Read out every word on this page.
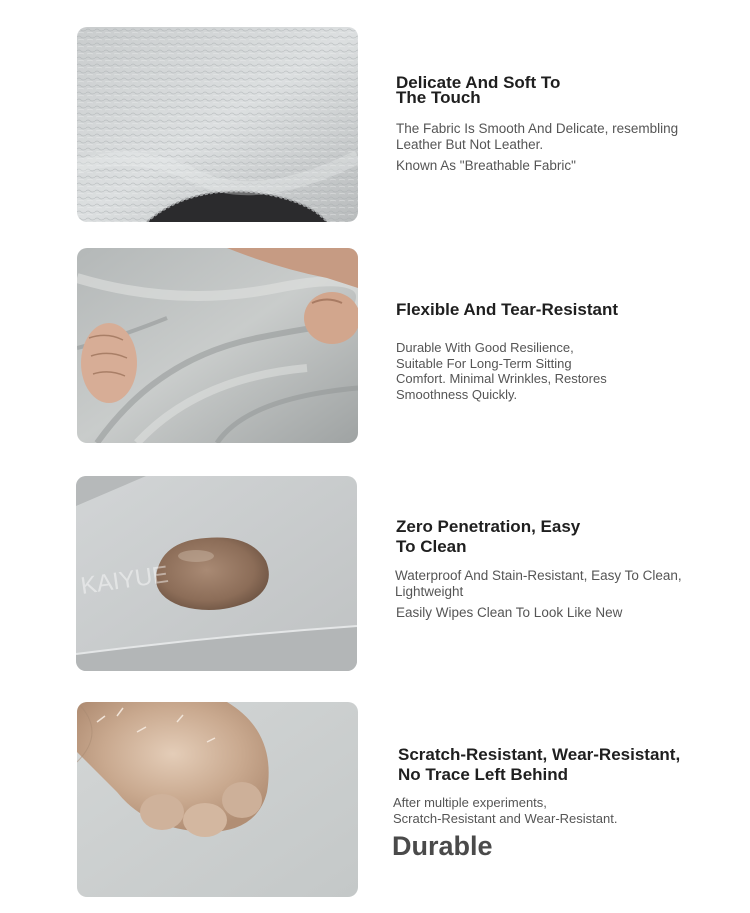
Delicate And Soft To

The Touch

The Fabric Is Smooth And Delicate, resembling

Leather But Not Leather.

Known As "Breathable Fabric"

Flexible And Tear-Resistant

Durable With Good Resilience,

Suitable For Long-Term Sitting

Comfort. Minimal Wrinkles, Restores

Smoothness Quickly.

KAIYUE

Zero Penetration, Easy

To Clean

Waterproof And Stain-Resistant, Easy To Clean,

Lightweight

Easily Wipes Clean To Look Like New

Scratch-Resistant, Wear-Resistant,

No Trace Left Behind

After multiple experiments,

Scratch-Resistant and Wear-Resistant.

Durable
